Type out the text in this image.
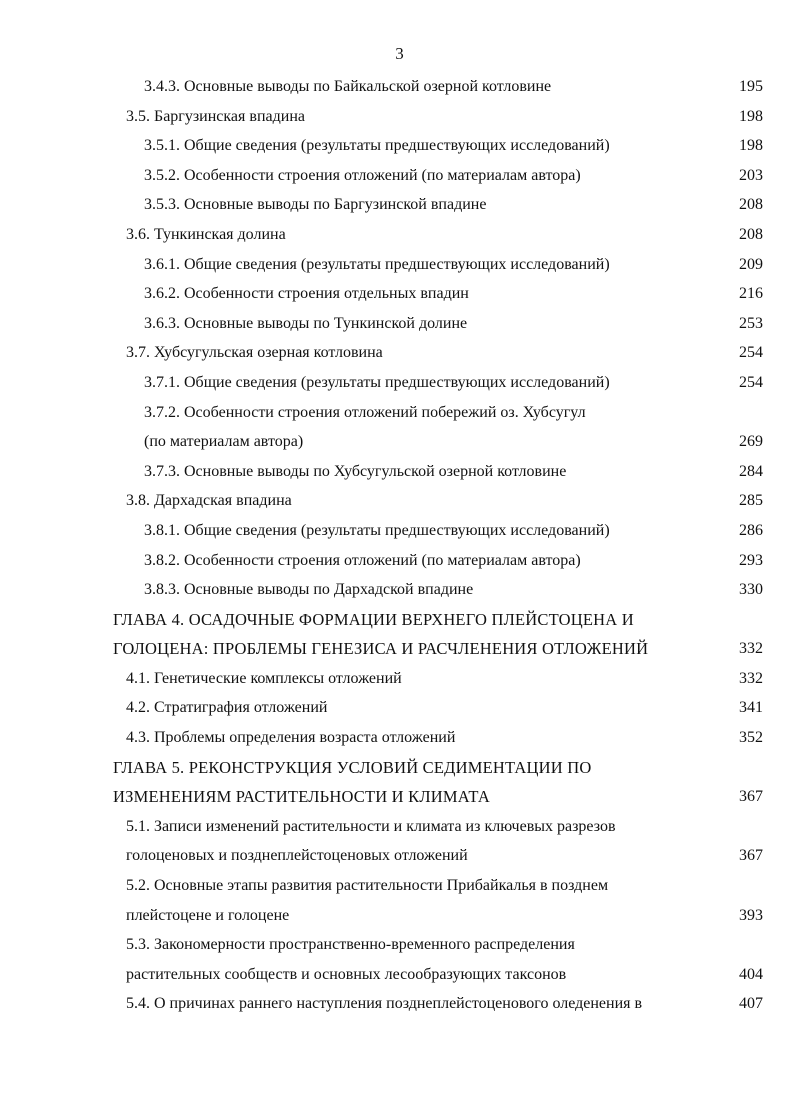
3
3.4.3. Основные выводы по Байкальской озерной котловине	195
3.5. Баргузинская впадина	198
3.5.1. Общие сведения (результаты предшествующих исследований)	198
3.5.2. Особенности строения отложений (по материалам автора)	203
3.5.3. Основные выводы по Баргузинской впадине	208
3.6. Тункинская долина	208
3.6.1. Общие сведения (результаты предшествующих исследований)	209
3.6.2. Особенности строения отдельных впадин	216
3.6.3. Основные выводы по Тункинской долине	253
3.7. Хубсугульская озерная котловина	254
3.7.1. Общие сведения (результаты предшествующих исследований)	254
3.7.2. Особенности строения отложений побережий оз. Хубсугул
(по материалам автора)	269
3.7.3. Основные выводы по Хубсугульской озерной котловине	284
3.8. Дархадская впадина	285
3.8.1. Общие сведения (результаты предшествующих исследований)	286
3.8.2. Особенности строения отложений (по материалам автора)	293
3.8.3. Основные выводы по Дархадской впадине	330
ГЛАВА 4. ОСАДОЧНЫЕ ФОРМАЦИИ ВЕРХНЕГО ПЛЕЙСТОЦЕНА И
ГОЛОЦЕНА: ПРОБЛЕМЫ ГЕНЕЗИСА И РАСЧЛЕНЕНИЯ ОТЛОЖЕНИЙ	332
4.1. Генетические комплексы отложений	332
4.2. Стратиграфия отложений	341
4.3. Проблемы определения возраста отложений	352
ГЛАВА 5. РЕКОНСТРУКЦИЯ УСЛОВИЙ СЕДИМЕНТАЦИИ ПО
ИЗМЕНЕНИЯМ РАСТИТЕЛЬНОСТИ И КЛИМАТА	367
5.1. Записи изменений растительности и климата из ключевых разрезов
голоценовых и позднеплейстоценовых отложений	367
5.2. Основные этапы развития растительности Прибайкалья в позднем
плейстоцене и голоцене	393
5.3. Закономерности пространственно-временного распределения
растительных сообществ и основных лесообразующих таксонов	404
5.4. О причинах раннего наступления позднеплейстоценового оледенения в	407
